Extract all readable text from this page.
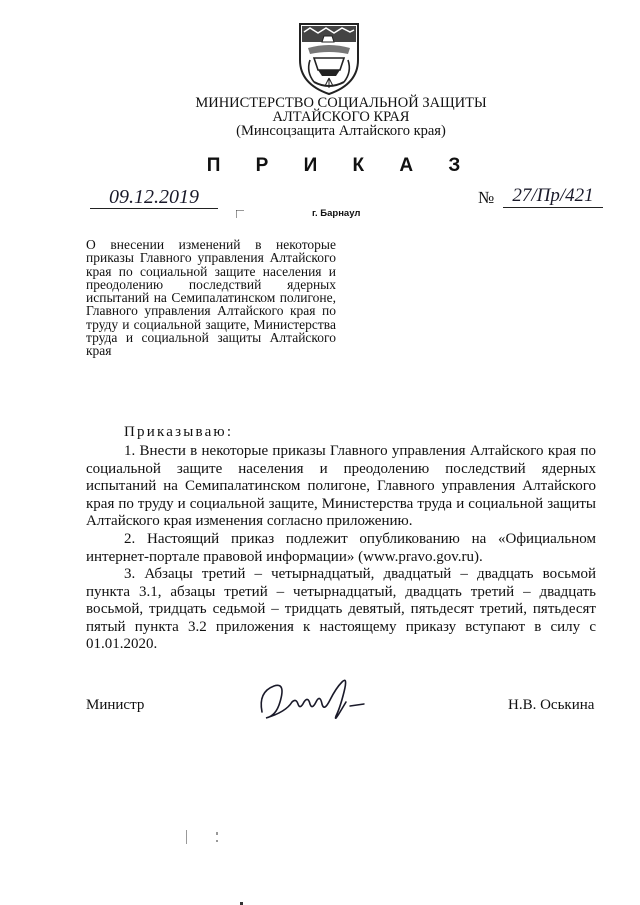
МИНИСТЕРСТВО СОЦИАЛЬНОЙ ЗАЩИТЫ
АЛТАЙСКОГО КРАЯ
(Минсоцзащита Алтайского края)
П Р И К А З
09.12.2019	№ 27/Пр/421
г. Барнаул
О внесении изменений в некоторые приказы Главного управления Алтайского края по социальной защите населения и преодолению последствий ядерных испытаний на Семипалатинском полигоне, Главного управления Алтайского края по труду и социальной защите, Министерства труда и социальной защиты Алтайского края
Приказываю:
1. Внести в некоторые приказы Главного управления Алтайского края по социальной защите населения и преодолению последствий ядерных испытаний на Семипалатинском полигоне, Главного управления Алтайского края по труду и социальной защите, Министерства труда и социальной защиты Алтайского края изменения согласно приложению.
2. Настоящий приказ подлежит опубликованию на «Официальном интернет-портале правовой информации» (www.pravo.gov.ru).
3. Абзацы третий – четырнадцатый, двадцатый – двадцать восьмой пункта 3.1, абзацы третий – четырнадцатый, двадцать третий – двадцать восьмой, тридцать седьмой – тридцать девятый, пятьдесят третий, пятьдесят пятый пункта 3.2 приложения к настоящему приказу вступают в силу с 01.01.2020.
Министр	Н.В. Оськина
